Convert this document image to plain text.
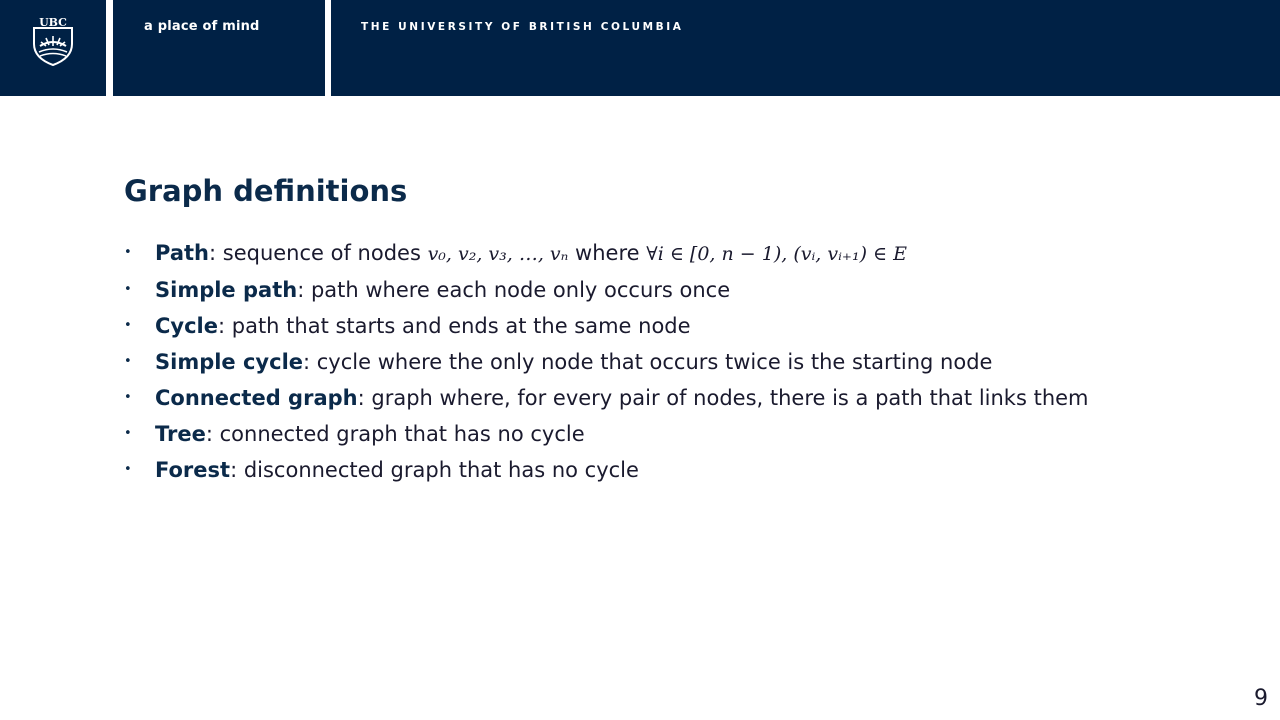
UBC	a place of mind	THE UNIVERSITY OF BRITISH COLUMBIA
Graph definitions
• Path: sequence of nodes v₀, v₂, v₃, …, vₙ where ∀i ∈ [0, n − 1), (vᵢ, vᵢ₊₁) ∈ E
• Simple path: path where each node only occurs once
• Cycle: path that starts and ends at the same node
• Simple cycle: cycle where the only node that occurs twice is the starting node
• Connected graph: graph where, for every pair of nodes, there is a path that links them
• Tree: connected graph that has no cycle
• Forest: disconnected graph that has no cycle
9
